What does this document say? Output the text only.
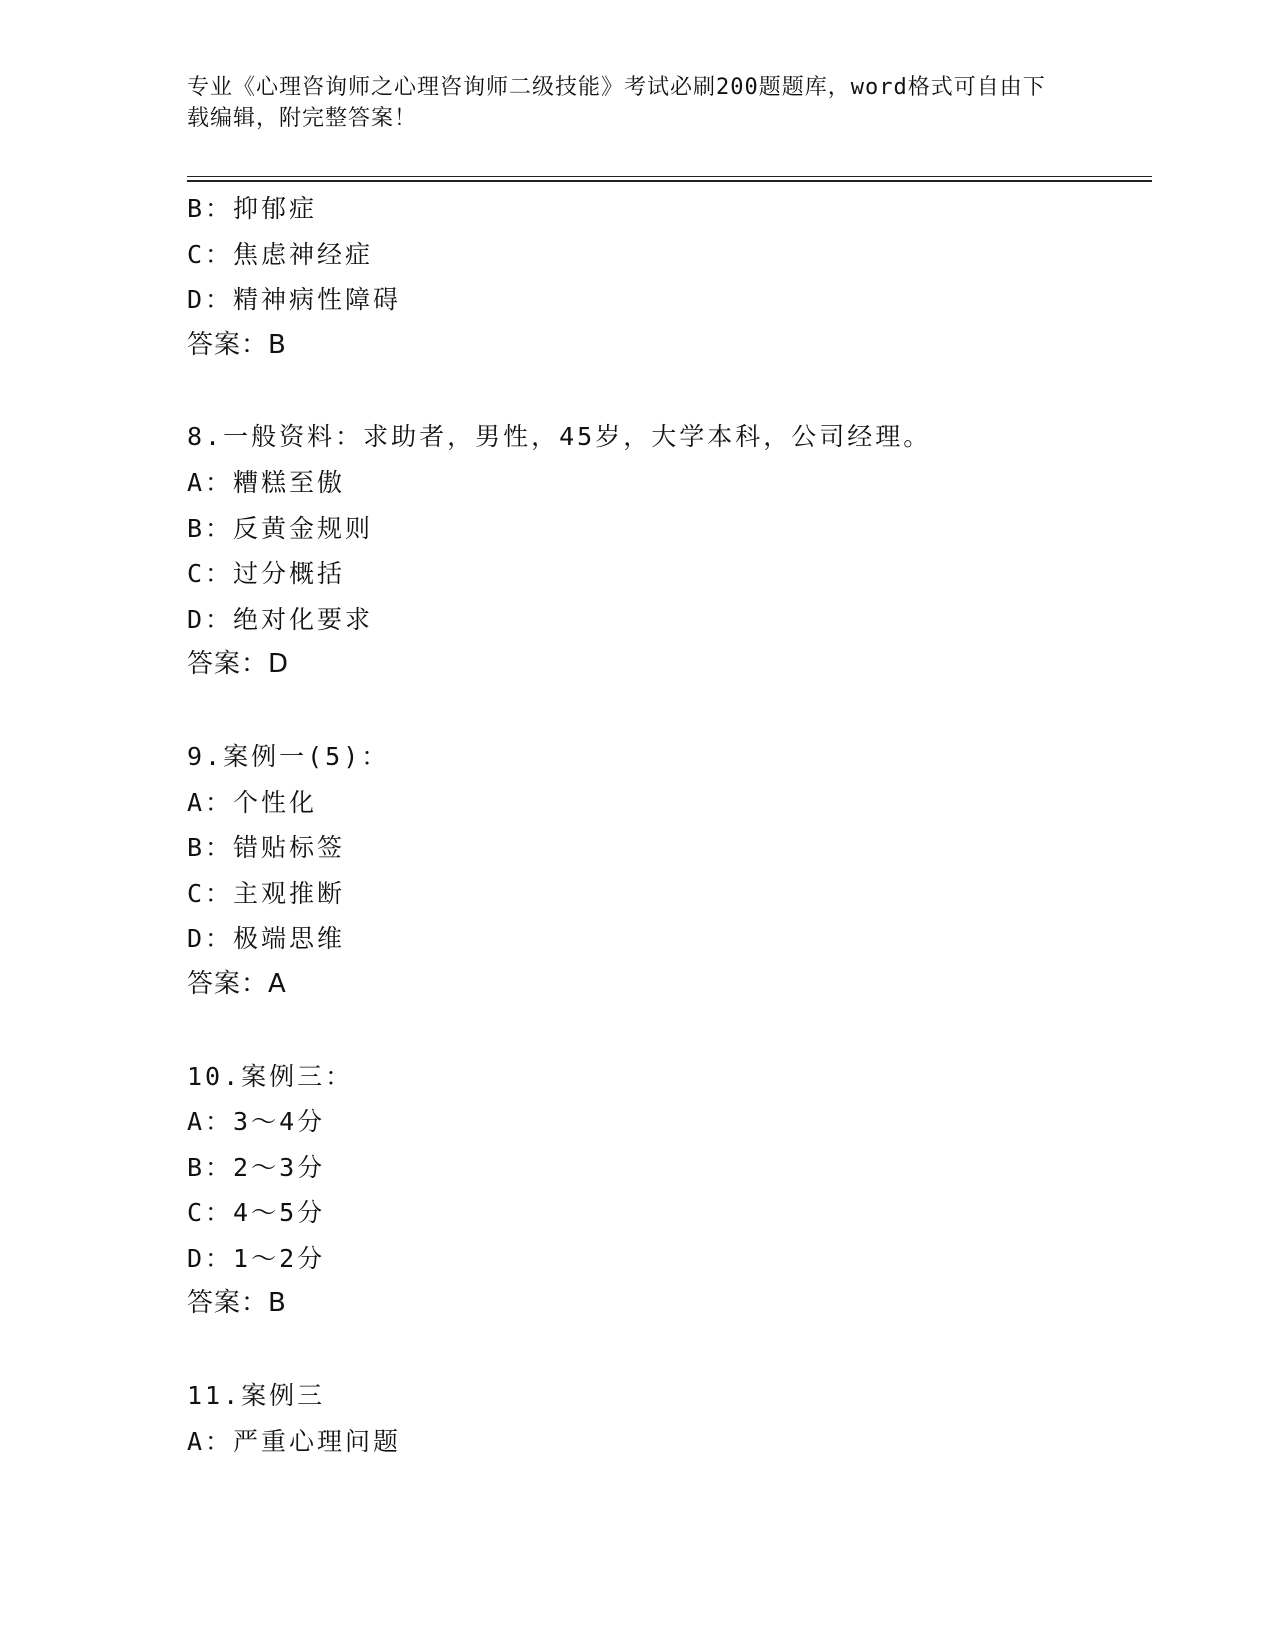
专业《心理咨询师之心理咨询师二级技能》考试必刷200题题库，word格式可自由下载编辑，附完整答案！
B：抑郁症
C：焦虑神经症
D：精神病性障碍
答案：B
8.一般资料：求助者，男性，45岁，大学本科，公司经理。
A：糟糕至傲
B：反黄金规则
C：过分概括
D：绝对化要求
答案：D
9.案例一(5)：
A：个性化
B：错贴标签
C：主观推断
D：极端思维
答案：A
10.案例三：
A：3～4分
B：2～3分
C：4～5分
D：1～2分
答案：B
11.案例三
A：严重心理问题
